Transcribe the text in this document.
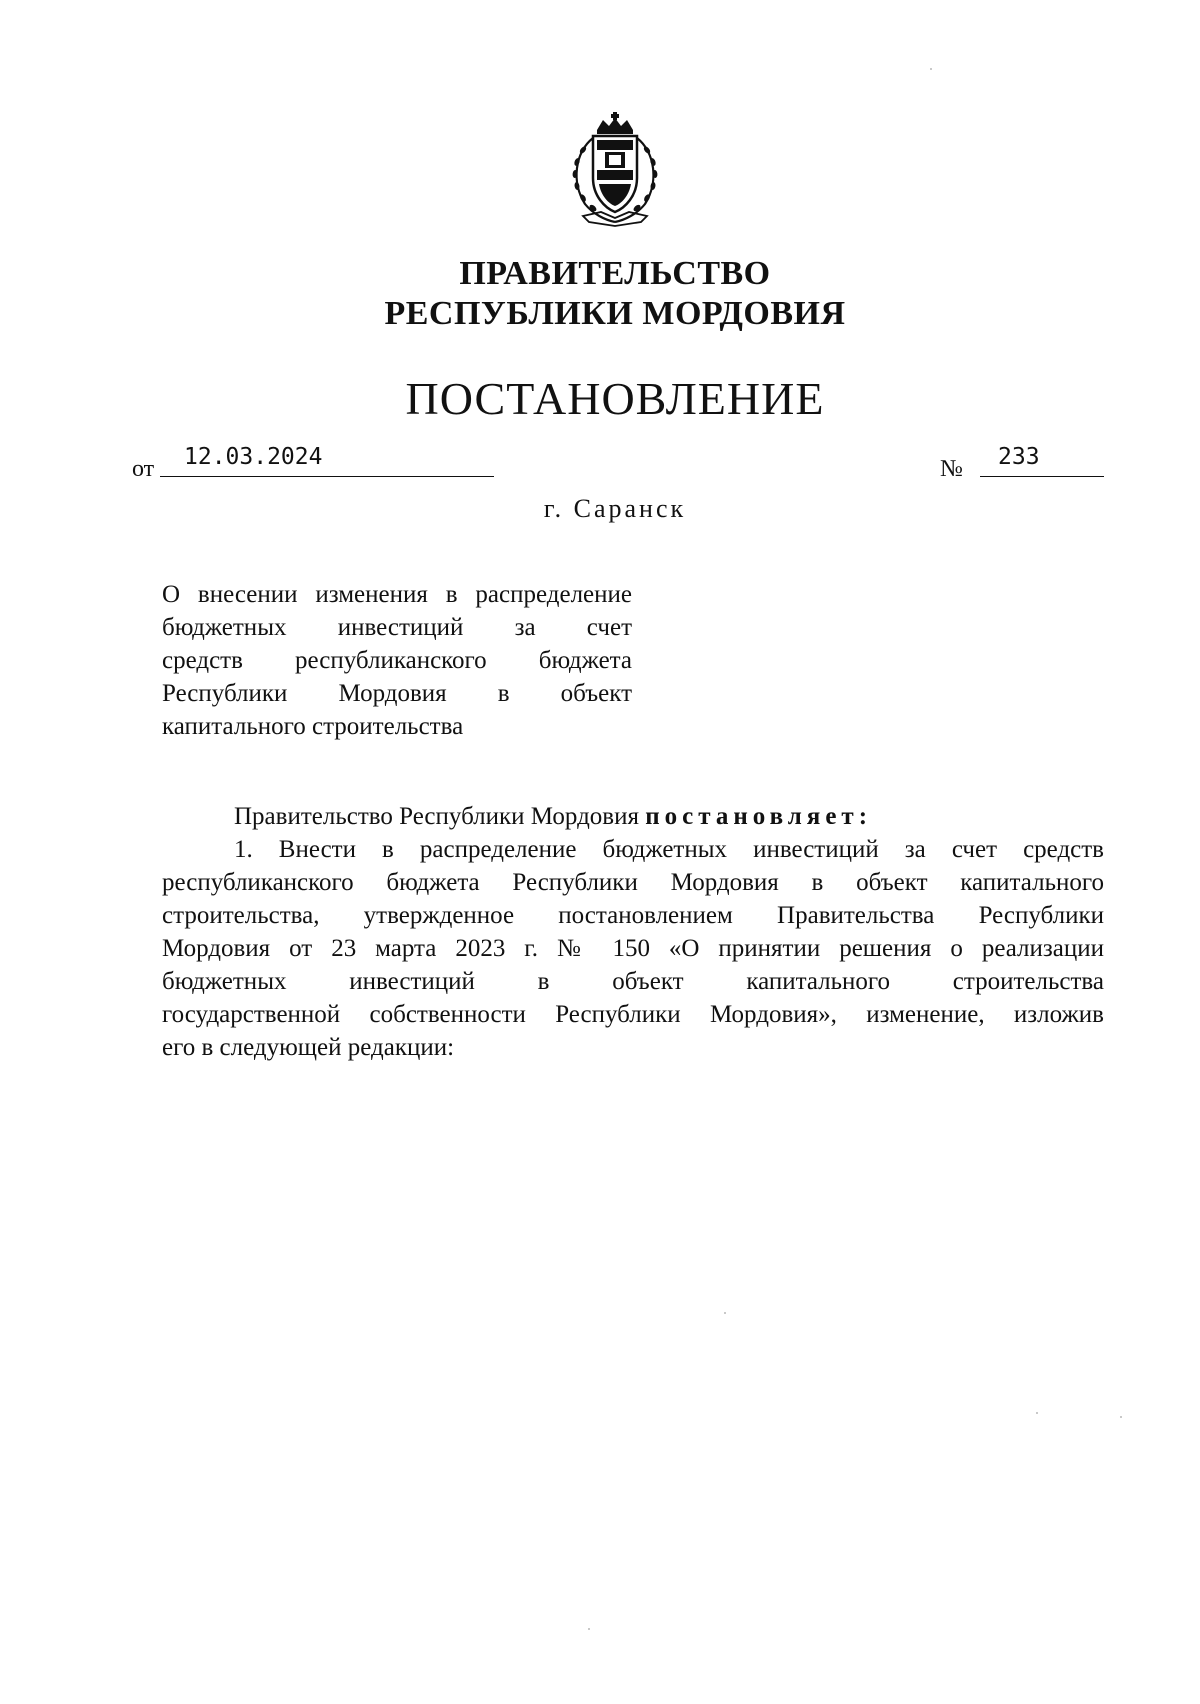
ПРАВИТЕЛЬСТВО
РЕСПУБЛИКИ МОРДОВИЯ
ПОСТАНОВЛЕНИЕ
от 12.03.2024	№ 233
г. Саранск
О внесении изменения в распределение
бюджетных инвестиций за счет
средств республиканского бюджета
Республики Мордовия в объект
капитального строительства
Правительство Республики Мордовия постановляет:
1. Внести в распределение бюджетных инвестиций за счет средств
республиканского бюджета Республики Мордовия в объект капитального
строительства, утвержденное постановлением Правительства Республики
Мордовия от 23 марта 2023 г. № 150 «О принятии решения о реализации
бюджетных инвестиций в объект капитального строительства
государственной собственности Республики Мордовия», изменение, изложив
его в следующей редакции:
